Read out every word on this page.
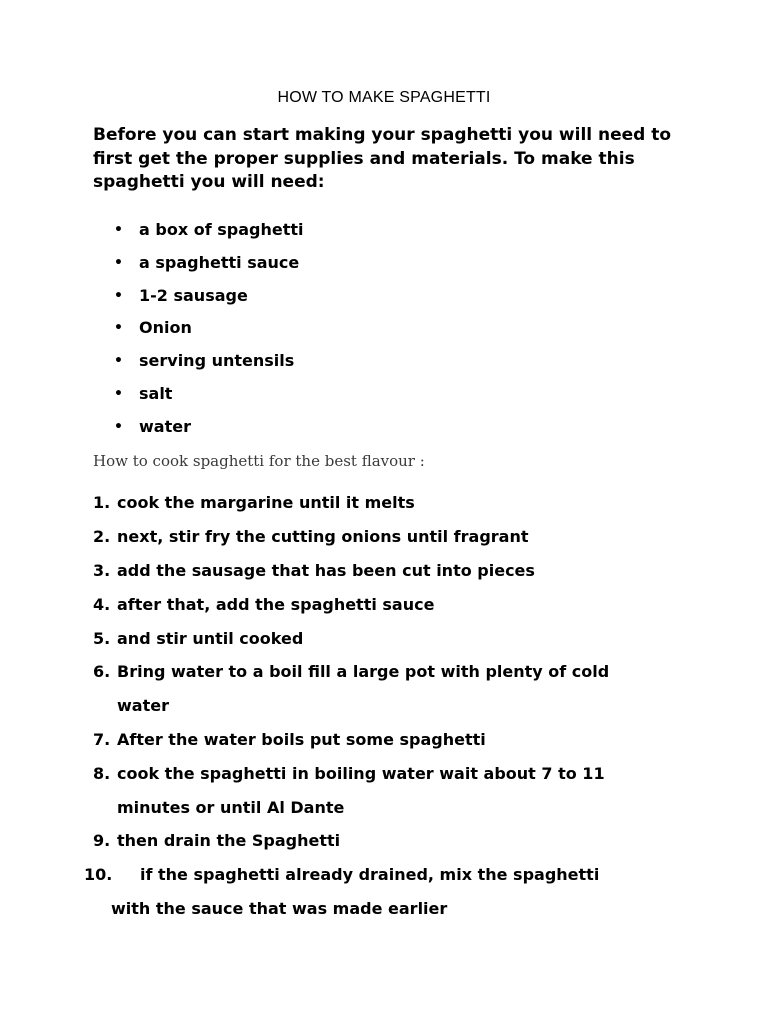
HOW TO MAKE SPAGHETTI

Before you can start making your spaghetti you will need to first get the proper supplies and materials. To make this spaghetti you will need:

• a box of spaghetti
• a spaghetti sauce
• 1-2 sausage
• Onion
• serving untensils
• salt
• water
How to cook spaghetti for the best flavour :
1. cook the margarine until it melts
2. next, stir fry the cutting onions until fragrant
3. add the sausage that has been cut into pieces
4. after that, add the spaghetti sauce
5. and stir until cooked
6. Bring water to a boil fill a large pot with plenty of cold
water
7. After the water boils put some spaghetti
8. cook the spaghetti in boiling water wait about 7 to 11
minutes or until Al Dante
9. then drain the Spaghetti
10. if the spaghetti already drained, mix the spaghetti
with the sauce that was made earlier
